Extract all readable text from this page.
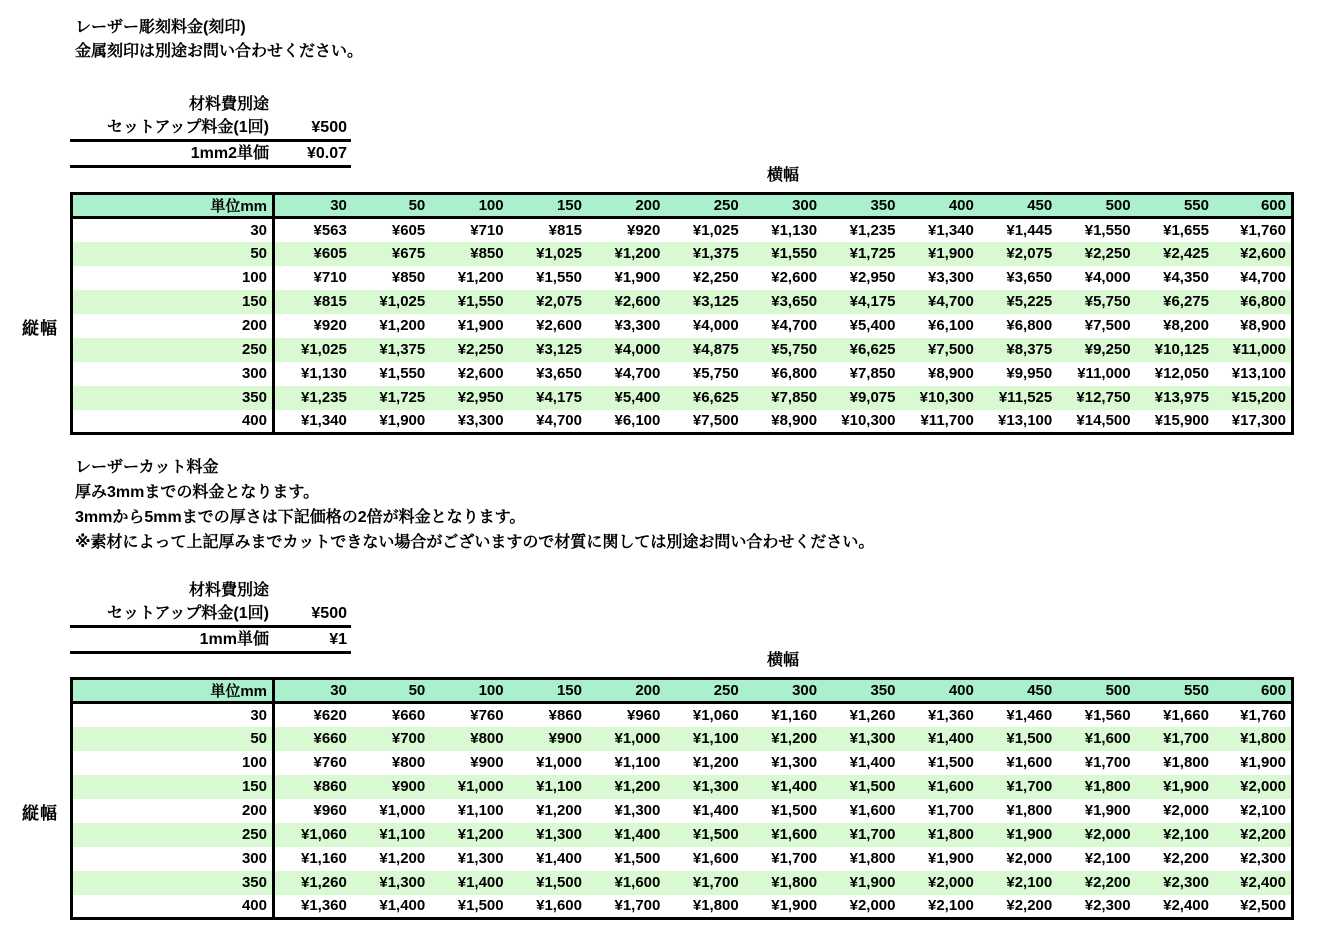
レーザー彫刻料金(刻印)
金属刻印は別途お問い合わせください。
材料費別途
セットアップ料金(1回)	¥500
1mm2単価	¥0.07
横幅
単位mm	30	50	100	150	200	250	300	350	400	450	500	550	600
30	¥563	¥605	¥710	¥815	¥920	¥1,025	¥1,130	¥1,235	¥1,340	¥1,445	¥1,550	¥1,655	¥1,760
50	¥605	¥675	¥850	¥1,025	¥1,200	¥1,375	¥1,550	¥1,725	¥1,900	¥2,075	¥2,250	¥2,425	¥2,600
100	¥710	¥850	¥1,200	¥1,550	¥1,900	¥2,250	¥2,600	¥2,950	¥3,300	¥3,650	¥4,000	¥4,350	¥4,700
150	¥815	¥1,025	¥1,550	¥2,075	¥2,600	¥3,125	¥3,650	¥4,175	¥4,700	¥5,225	¥5,750	¥6,275	¥6,800
200	¥920	¥1,200	¥1,900	¥2,600	¥3,300	¥4,000	¥4,700	¥5,400	¥6,100	¥6,800	¥7,500	¥8,200	¥8,900
250	¥1,025	¥1,375	¥2,250	¥3,125	¥4,000	¥4,875	¥5,750	¥6,625	¥7,500	¥8,375	¥9,250	¥10,125	¥11,000
300	¥1,130	¥1,550	¥2,600	¥3,650	¥4,700	¥5,750	¥6,800	¥7,850	¥8,900	¥9,950	¥11,000	¥12,050	¥13,100
350	¥1,235	¥1,725	¥2,950	¥4,175	¥5,400	¥6,625	¥7,850	¥9,075	¥10,300	¥11,525	¥12,750	¥13,975	¥15,200
400	¥1,340	¥1,900	¥3,300	¥4,700	¥6,100	¥7,500	¥8,900	¥10,300	¥11,700	¥13,100	¥14,500	¥15,900	¥17,300
縦幅
レーザーカット料金
厚み3mmまでの料金となります。
3mmから5mmまでの厚さは下記価格の2倍が料金となります。
※素材によって上記厚みまでカットできない場合がございますので材質に関しては別途お問い合わせください。
材料費別途
セットアップ料金(1回)	¥500
1mm単価	¥1
横幅
単位mm	30	50	100	150	200	250	300	350	400	450	500	550	600
30	¥620	¥660	¥760	¥860	¥960	¥1,060	¥1,160	¥1,260	¥1,360	¥1,460	¥1,560	¥1,660	¥1,760
50	¥660	¥700	¥800	¥900	¥1,000	¥1,100	¥1,200	¥1,300	¥1,400	¥1,500	¥1,600	¥1,700	¥1,800
100	¥760	¥800	¥900	¥1,000	¥1,100	¥1,200	¥1,300	¥1,400	¥1,500	¥1,600	¥1,700	¥1,800	¥1,900
150	¥860	¥900	¥1,000	¥1,100	¥1,200	¥1,300	¥1,400	¥1,500	¥1,600	¥1,700	¥1,800	¥1,900	¥2,000
200	¥960	¥1,000	¥1,100	¥1,200	¥1,300	¥1,400	¥1,500	¥1,600	¥1,700	¥1,800	¥1,900	¥2,000	¥2,100
250	¥1,060	¥1,100	¥1,200	¥1,300	¥1,400	¥1,500	¥1,600	¥1,700	¥1,800	¥1,900	¥2,000	¥2,100	¥2,200
300	¥1,160	¥1,200	¥1,300	¥1,400	¥1,500	¥1,600	¥1,700	¥1,800	¥1,900	¥2,000	¥2,100	¥2,200	¥2,300
350	¥1,260	¥1,300	¥1,400	¥1,500	¥1,600	¥1,700	¥1,800	¥1,900	¥2,000	¥2,100	¥2,200	¥2,300	¥2,400
400	¥1,360	¥1,400	¥1,500	¥1,600	¥1,700	¥1,800	¥1,900	¥2,000	¥2,100	¥2,200	¥2,300	¥2,400	¥2,500
縦幅
